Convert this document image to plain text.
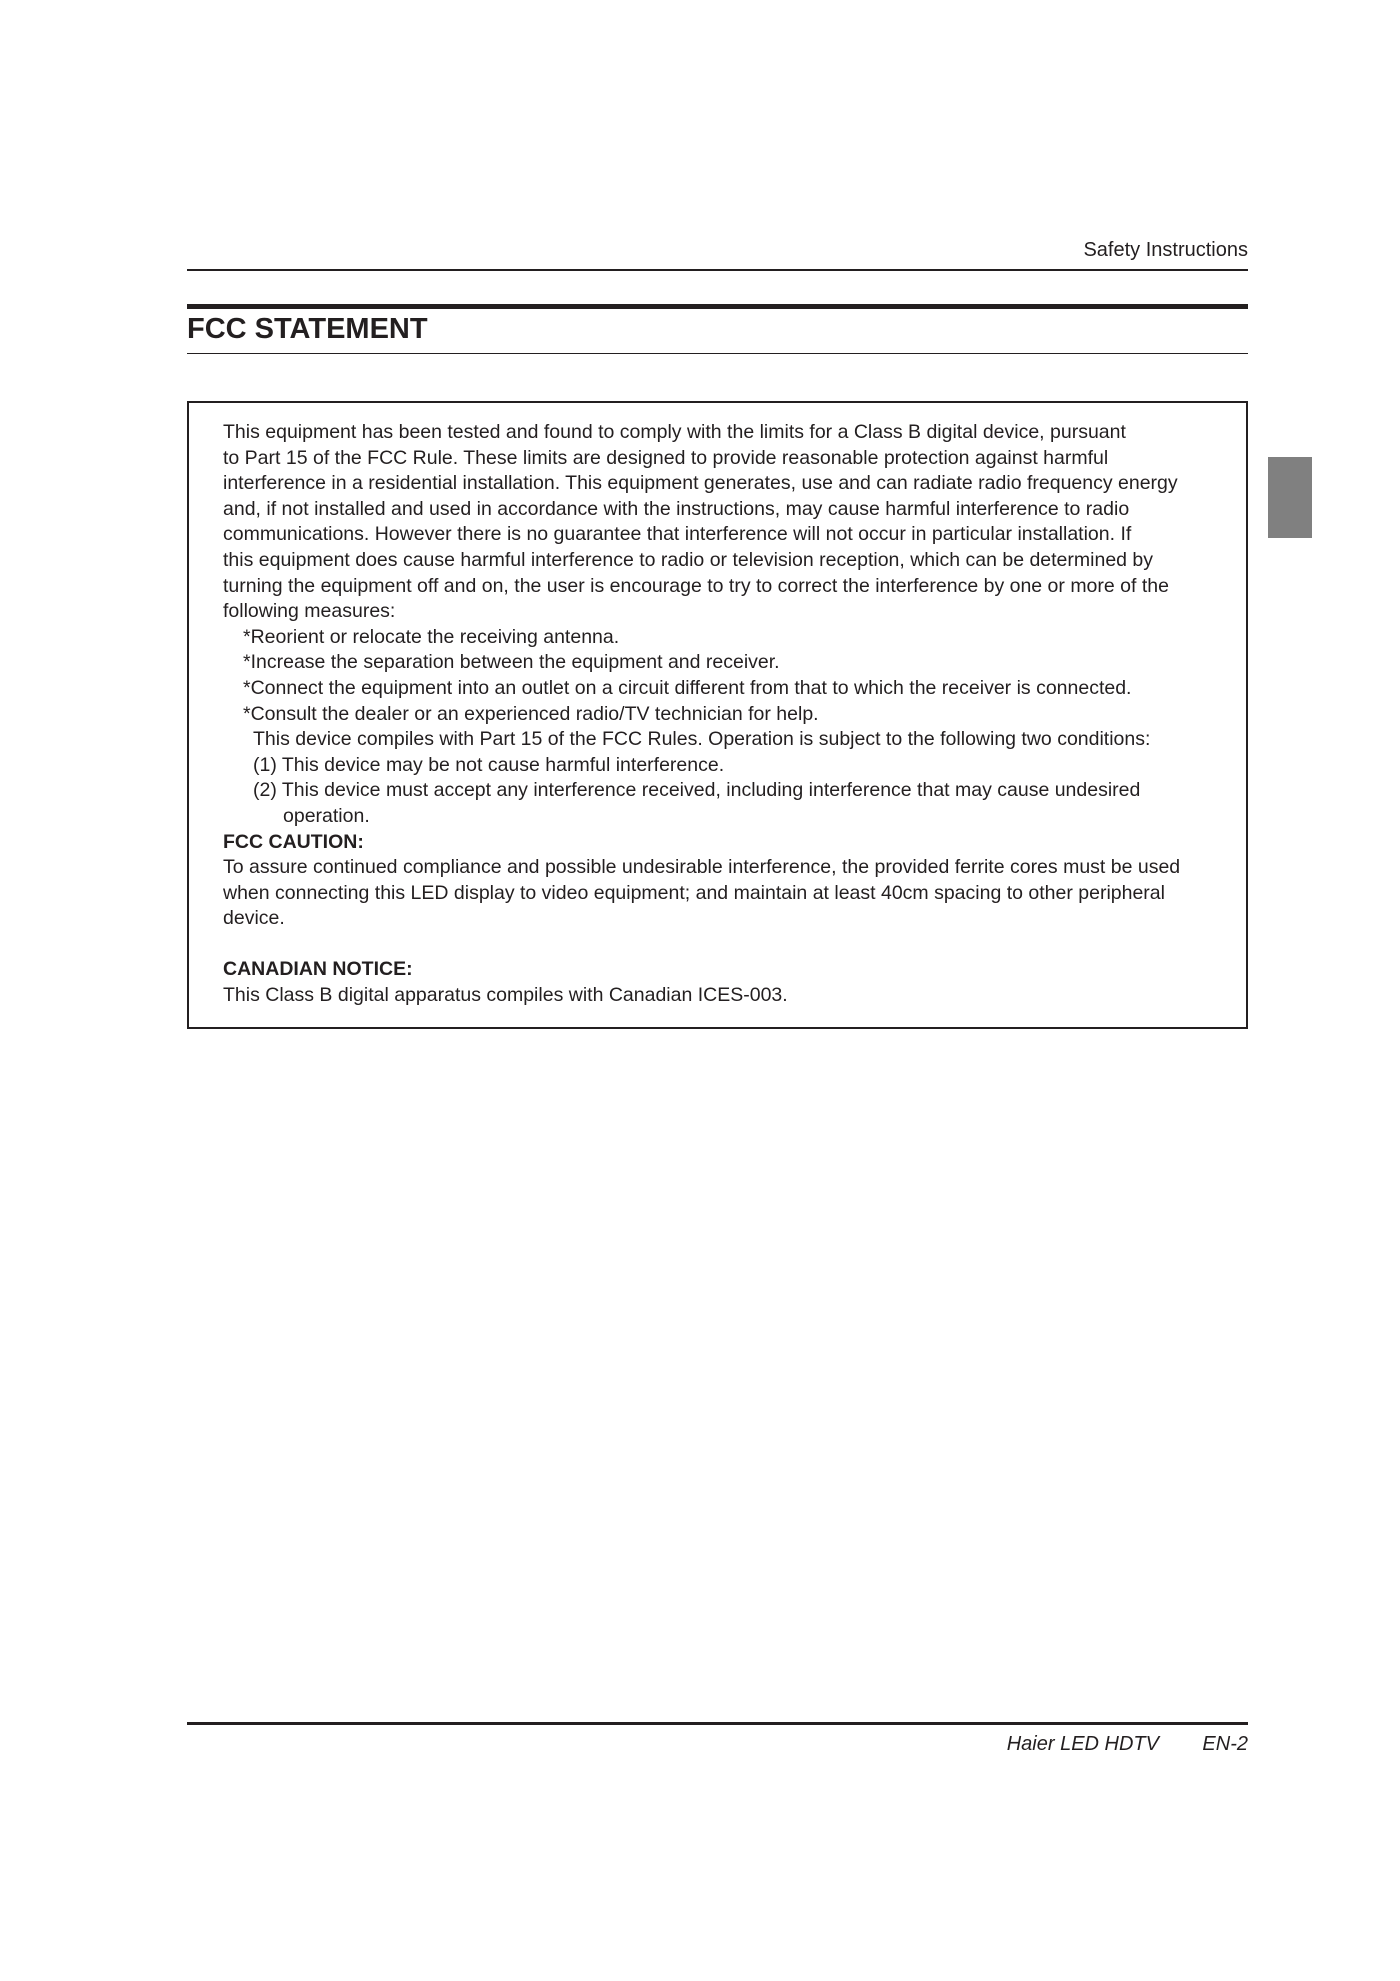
Safety Instructions
FCC STATEMENT
This equipment has been tested and found to comply with the limits for a Class B digital device, pursuant
to Part 15 of the FCC Rule. These limits are designed to provide reasonable protection against harmful
interference in a residential installation. This equipment generates, use and can radiate radio frequency energy
and, if not installed and used in accordance with the instructions, may cause harmful interference to radio
communications. However there is no guarantee that interference will not occur in particular installation. If
this equipment does cause harmful interference to radio or television reception, which can be determined by
turning the equipment off and on, the user is encourage to try to correct the interference by one or more of the
following measures:
*Reorient or relocate the receiving antenna.
*Increase the separation between the equipment and receiver.
*Connect the equipment into an outlet on a circuit different from that to which the receiver is connected.
*Consult the dealer or an experienced radio/TV technician for help.
This device compiles with Part 15 of the FCC Rules. Operation is subject to the following two conditions:
(1) This device may be not cause harmful interference.
(2) This device must accept any interference received, including interference that may cause undesired
operation.
FCC CAUTION:
To assure continued compliance and possible undesirable interference, the provided ferrite cores must be used
when connecting this LED display to video equipment; and maintain at least 40cm spacing to other peripheral
device.
CANADIAN NOTICE:
This Class B digital apparatus compiles with Canadian ICES-003.
Haier LED HDTV EN-2
